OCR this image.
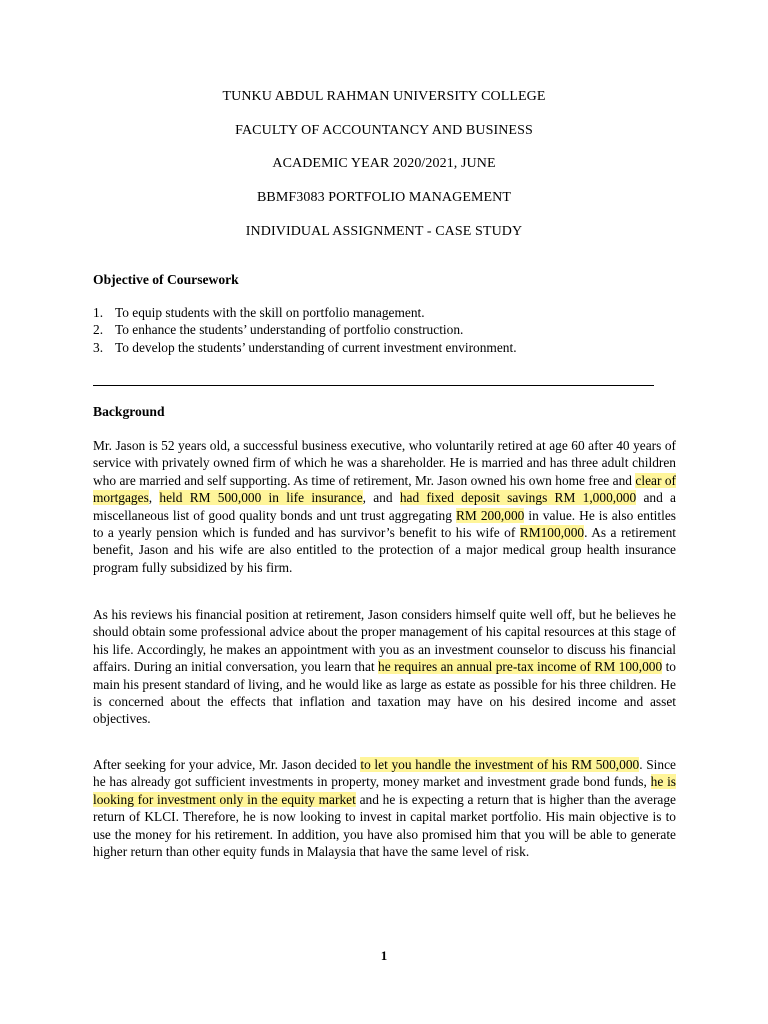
TUNKU ABDUL RAHMAN UNIVERSITY COLLEGE

FACULTY OF ACCOUNTANCY AND BUSINESS

ACADEMIC YEAR 2020/2021, JUNE

BBMF3083 PORTFOLIO MANAGEMENT

INDIVIDUAL ASSIGNMENT - CASE STUDY

Objective of Coursework
1. To equip students with the skill on portfolio management.
2. To enhance the students’ understanding of portfolio construction.
3. To develop the students’ understanding of current investment environment.
Background

Mr. Jason is 52 years old, a successful business executive, who voluntarily retired at age 60 after 40 years of service with privately owned firm of which he was a shareholder. He is married and has three adult children who are married and self supporting. As time of retirement, Mr. Jason owned his own home free and clear of mortgages, held RM 500,000 in life insurance, and had fixed deposit savings RM 1,000,000 and a miscellaneous list of good quality bonds and unt trust aggregating RM 200,000 in value. He is also entitles to a yearly pension which is funded and has survivor’s benefit to his wife of RM100,000. As a retirement benefit, Jason and his wife are also entitled to the protection of a major medical group health insurance program fully subsidized by his firm.

As his reviews his financial position at retirement, Jason considers himself quite well off, but he believes he should obtain some professional advice about the proper management of his capital resources at this stage of his life. Accordingly, he makes an appointment with you as an investment counselor to discuss his financial affairs. During an initial conversation, you learn that he requires an annual pre-tax income of RM 100,000 to main his present standard of living, and he would like as large as estate as possible for his three children. He is concerned about the effects that inflation and taxation may have on his desired income and asset objectives.

After seeking for your advice, Mr. Jason decided to let you handle the investment of his RM 500,000. Since he has already got sufficient investments in property, money market and investment grade bond funds, he is looking for investment only in the equity market and he is expecting a return that is higher than the average return of KLCI. Therefore, he is now looking to invest in capital market portfolio. His main objective is to use the money for his retirement. In addition, you have also promised him that you will be able to generate higher return than other equity funds in Malaysia that have the same level of risk.

1
